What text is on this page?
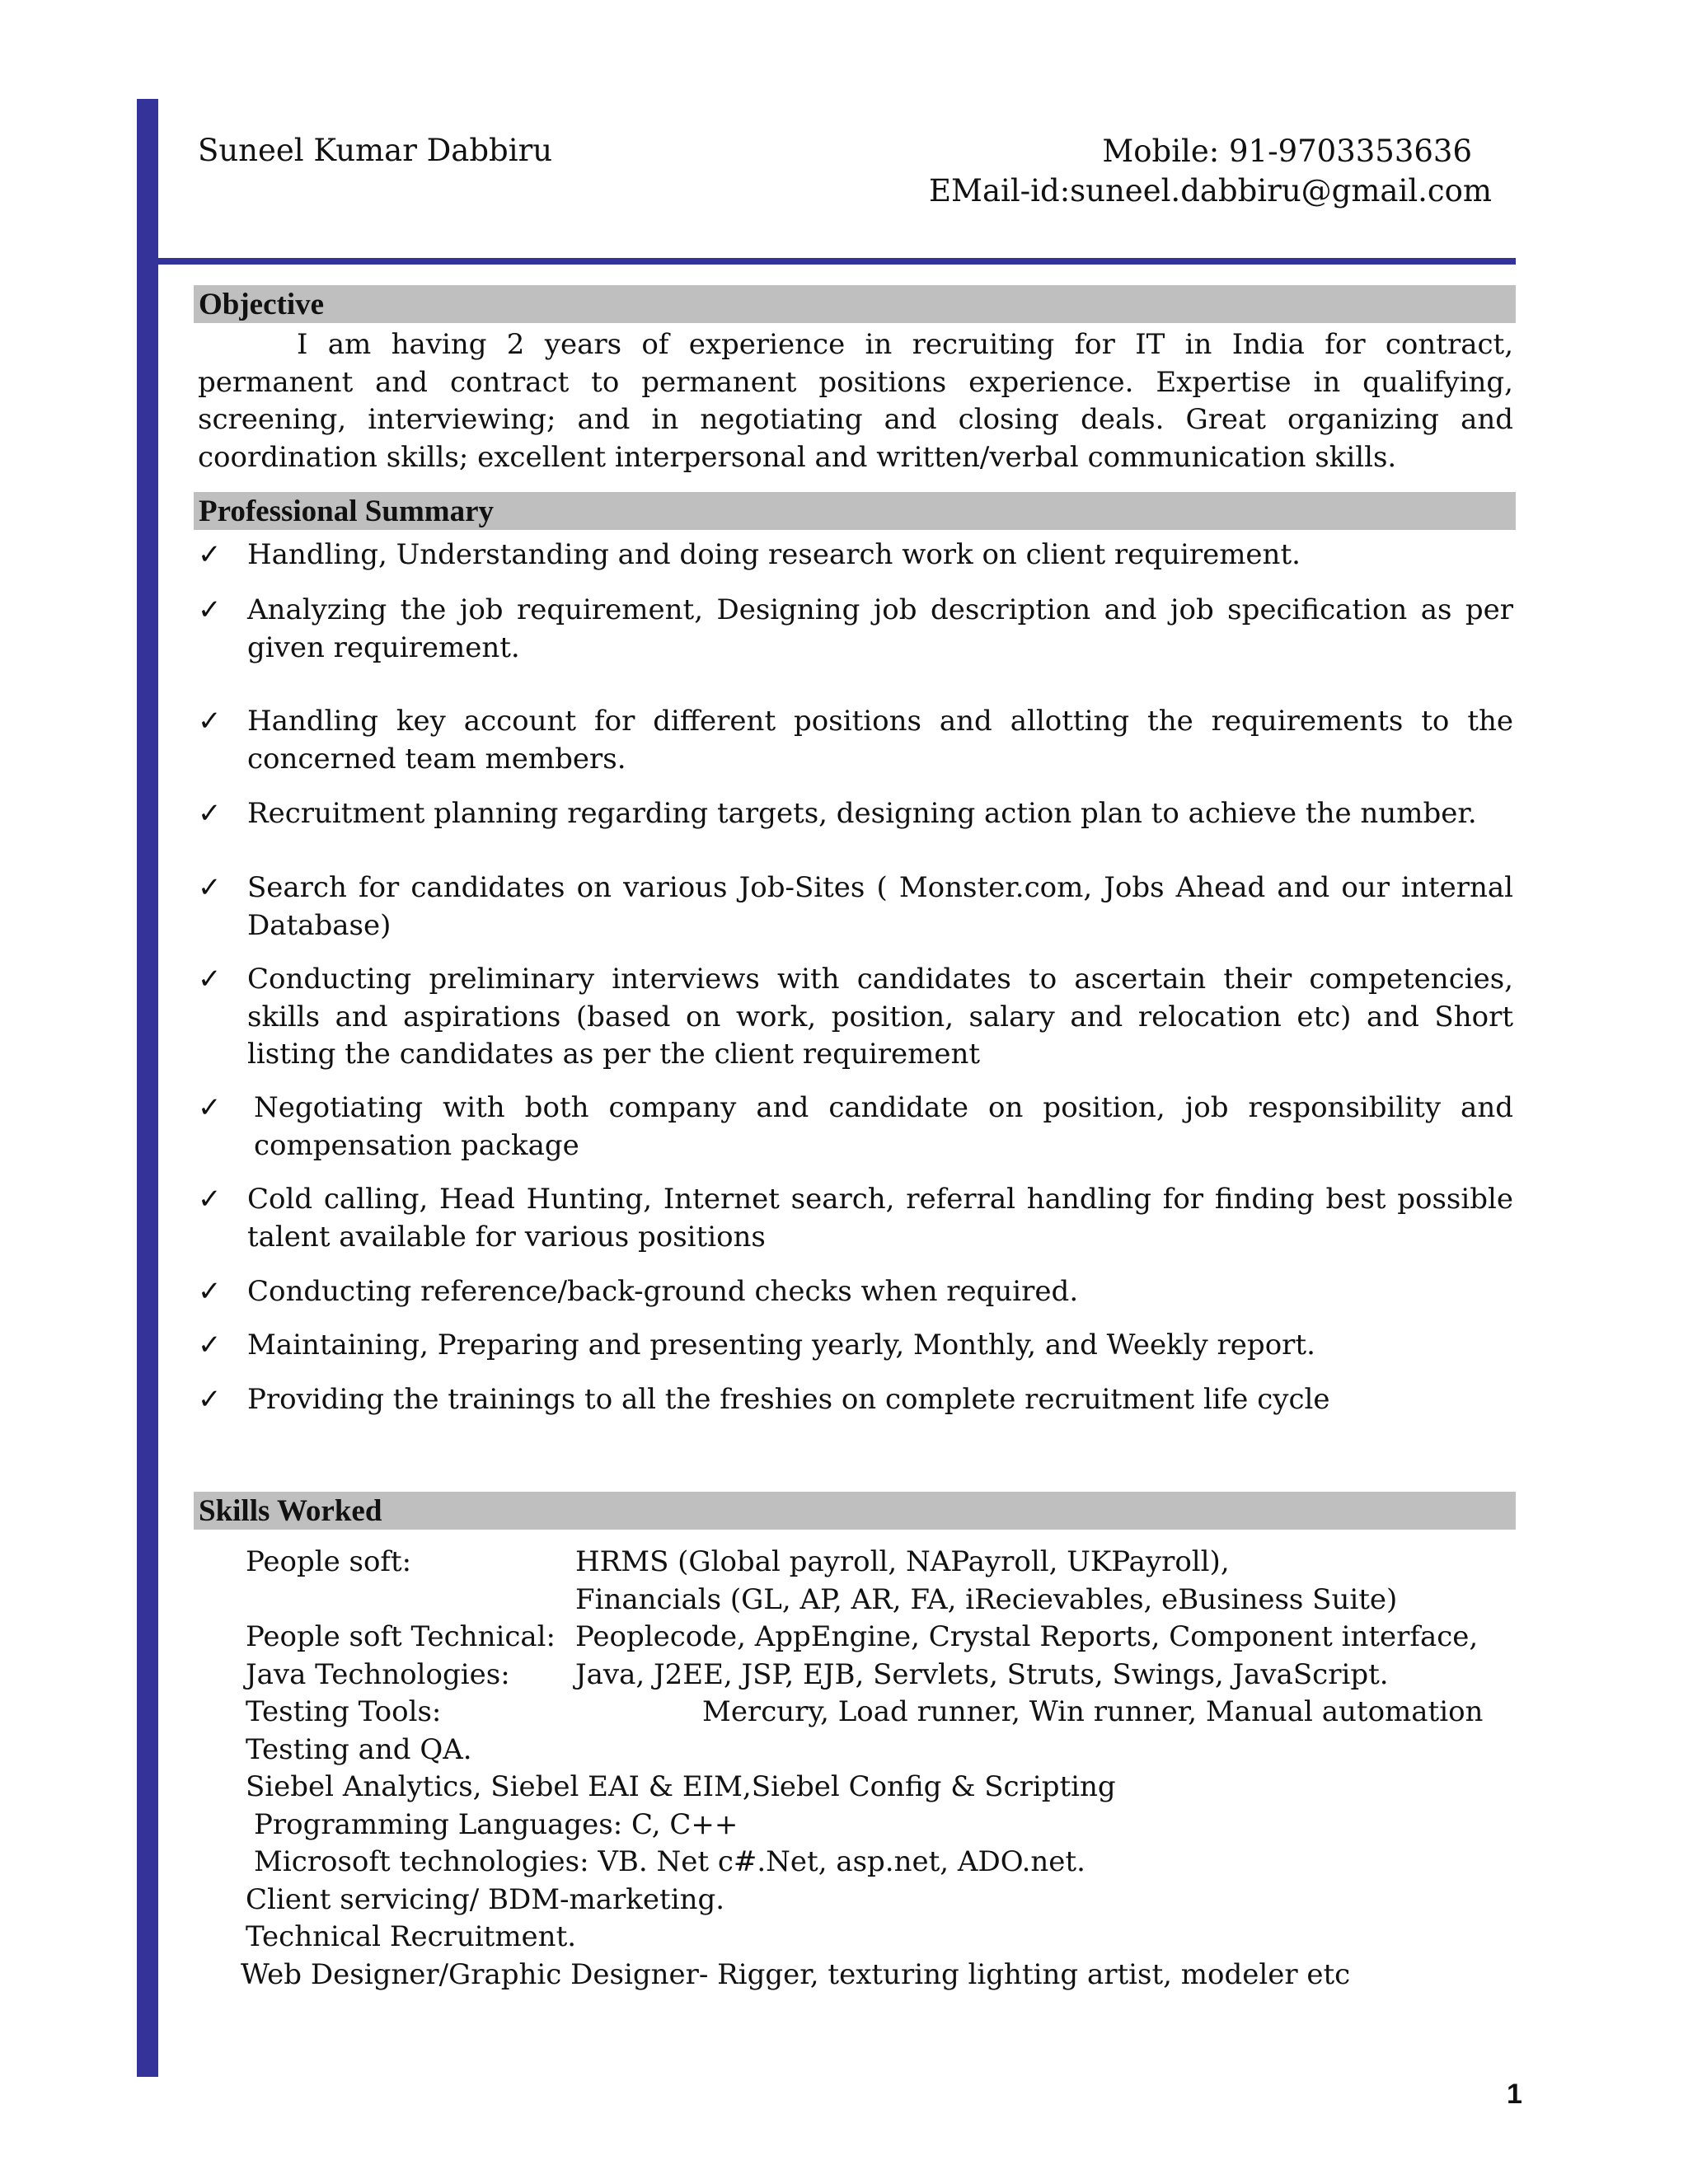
Suneel Kumar Dabbiru	Mobile: 91-9703353636
EMail-id:suneel.dabbiru@gmail.com
Objective
I am having 2 years of experience in recruiting for IT in India for contract, permanent and contract to permanent positions experience. Expertise in qualifying, screening, interviewing; and in negotiating and closing deals. Great organizing and coordination skills; excellent interpersonal and written/verbal communication skills.
Professional Summary
✓ Handling, Understanding and doing research work on client requirement.
✓ Analyzing the job requirement, Designing job description and job specification as per given requirement.
✓ Handling key account for different positions and allotting the requirements to the concerned team members.
✓ Recruitment planning regarding targets, designing action plan to achieve the number.
✓ Search for candidates on various Job-Sites ( Monster.com, Jobs Ahead and our internal Database)
✓ Conducting preliminary interviews with candidates to ascertain their competencies, skills and aspirations (based on work, position, salary and relocation etc) and Short listing the candidates as per the client requirement
✓	Negotiating with both company and candidate on position, job responsibility and compensation package
✓ Cold calling, Head Hunting, Internet search, referral handling for finding best possible talent available for various positions
✓ Conducting reference/back-ground checks when required.
✓ Maintaining, Preparing and presenting yearly, Monthly, and Weekly report.
✓ Providing the trainings to all the freshies on complete recruitment life cycle
Skills Worked
People soft:	HRMS (Global payroll, NAPayroll, UKPayroll),
Financials (GL, AP, AR, FA, iRecievables, eBusiness Suite)
People soft Technical: Peoplecode, AppEngine, Crystal Reports, Component interface,
Java Technologies: Java, J2EE, JSP, EJB, Servlets, Struts, Swings, JavaScript.
Testing Tools:	Mercury, Load runner, Win runner, Manual automation
Testing and QA.
Siebel Analytics, Siebel EAI & EIM,Siebel Config & Scripting
Programming Languages: C, C++
Microsoft technologies: VB. Net c#.Net, asp.net, ADO.net.
Client servicing/ BDM-marketing.
Technical Recruitment.
Web Designer/Graphic Designer- Rigger, texturing lighting artist, modeler etc
1
